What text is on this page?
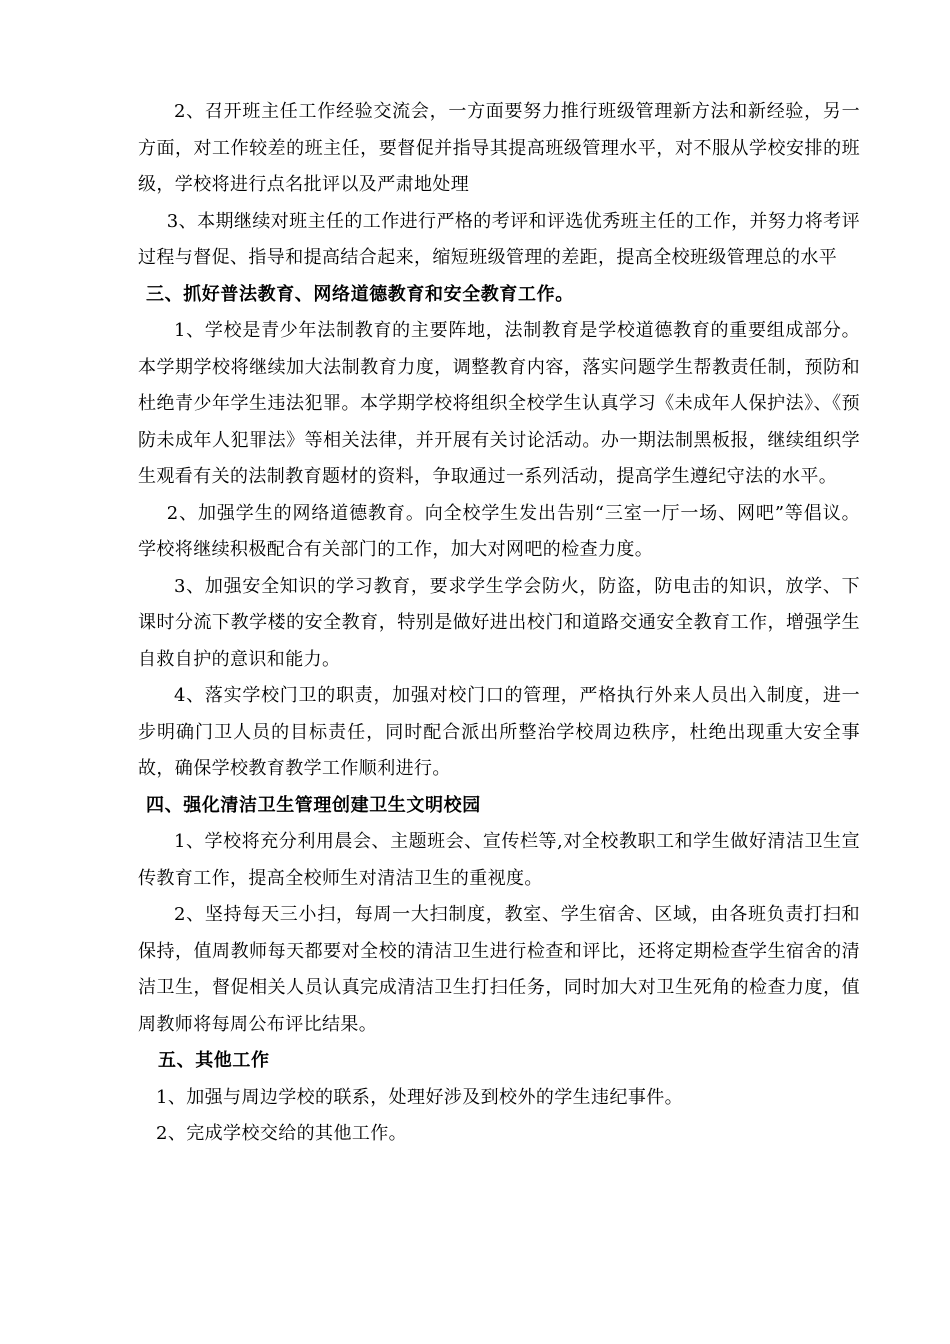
2、召开班主任工作经验交流会，一方面要努力推行班级管理新方法和新经验，另一方面，对工作较差的班主任，要督促并指导其提高班级管理水平，对不服从学校安排的班级，学校将进行点名批评以及严肃地处理

3、本期继续对班主任的工作进行严格的考评和评选优秀班主任的工作，并努力将考评过程与督促、指导和提高结合起来，缩短班级管理的差距，提高全校班级管理总的水平

三、抓好普法教育、网络道德教育和安全教育工作。

1、学校是青少年法制教育的主要阵地，法制教育是学校道德教育的重要组成部分。本学期学校将继续加大法制教育力度，调整教育内容，落实问题学生帮教责任制，预防和杜绝青少年学生违法犯罪。本学期学校将组织全校学生认真学习《未成年人保护法》、《预防未成年人犯罪法》等相关法律，并开展有关讨论活动。办一期法制黑板报，继续组织学生观看有关的法制教育题材的资料，争取通过一系列活动，提高学生遵纪守法的水平。

2、加强学生的网络道德教育。向全校学生发出告别“三室一厅一场、网吧”等倡议。学校将继续积极配合有关部门的工作，加大对网吧的检查力度。

3、加强安全知识的学习教育，要求学生学会防火，防盗，防电击的知识，放学、下课时分流下教学楼的安全教育，特别是做好进出校门和道路交通安全教育工作，增强学生自救自护的意识和能力。

4、落实学校门卫的职责，加强对校门口的管理，严格执行外来人员出入制度，进一步明确门卫人员的目标责任，同时配合派出所整治学校周边秩序，杜绝出现重大安全事故，确保学校教育教学工作顺利进行。

四、强化清洁卫生管理创建卫生文明校园

1、学校将充分利用晨会、主题班会、宣传栏等,对全校教职工和学生做好清洁卫生宣传教育工作，提高全校师生对清洁卫生的重视度。

2、坚持每天三小扫，每周一大扫制度，教室、学生宿舍、区域，由各班负责打扫和保持，值周教师每天都要对全校的清洁卫生进行检查和评比，还将定期检查学生宿舍的清洁卫生，督促相关人员认真完成清洁卫生打扫任务，同时加大对卫生死角的检查力度，值周教师将每周公布评比结果。

五、其他工作

1、加强与周边学校的联系，处理好涉及到校外的学生违纪事件。

2、完成学校交给的其他工作。
